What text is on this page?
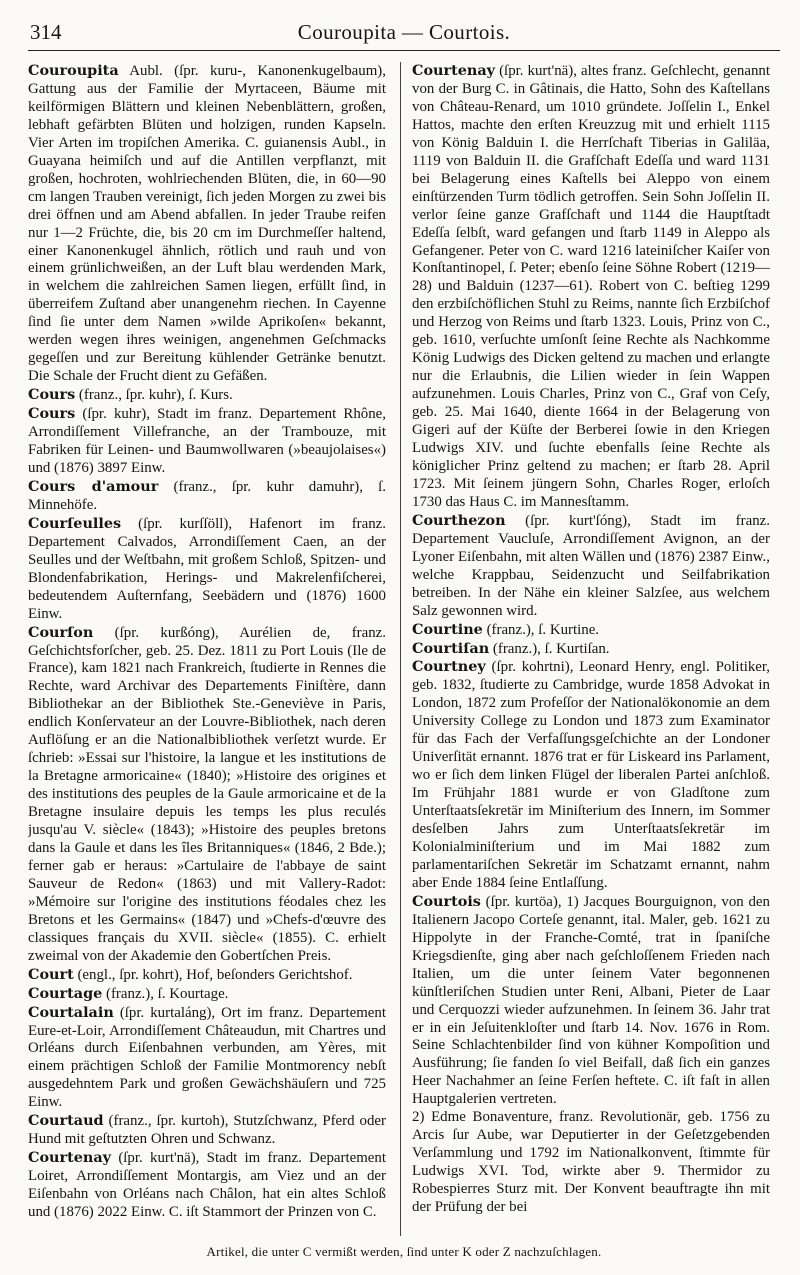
314	Couroupita — Courtois.

Couroupita Aubl. (ſpr. kuru-, Kanonenkugelbaum), Gattung aus der Familie der Myrtaceen, Bäume mit keilförmigen Blättern und kleinen Nebenblättern, großen, lebhaft gefärbten Blüten und holzigen, runden Kapseln. Vier Arten im tropiſchen Amerika. C. guianensis Aubl., in Guayana heimiſch und auf die Antillen verpflanzt, mit großen, hochroten, wohlriechenden Blüten, die, in 60—90 cm langen Trauben vereinigt, ſich jeden Morgen zu zwei bis drei öffnen und am Abend abfallen. In jeder Traube reifen nur 1—2 Früchte, die, bis 20 cm im Durchmeſſer haltend, einer Kanonenkugel ähnlich, rötlich und rauh und von einem grünlichweißen, an der Luft blau werdenden Mark, in welchem die zahlreichen Samen liegen, erfüllt ſind, in überreifem Zuſtand aber unangenehm riechen. In Cayenne ſind ſie unter dem Namen »wilde Aprikoſen« bekannt, werden wegen ihres weinigen, angenehmen Geſchmacks gegeſſen und zur Bereitung kühlender Getränke benutzt. Die Schale der Frucht dient zu Gefäßen.

Cours (franz., ſpr. kuhr), ſ. Kurs.

Cours (ſpr. kuhr), Stadt im franz. Departement Rhône, Arrondiſſement Villefranche, an der Trambouze, mit Fabriken für Leinen- und Baumwollwaren (»beaujolaises«) und (1876) 3897 Einw.

Cours d'amour (franz., ſpr. kuhr damuhr), ſ. Minnehöfe.

Courſeulles (ſpr. kurſſöll), Hafenort im franz. Departement Calvados, Arrondiſſement Caen, an der Seulles und der Weſtbahn, mit großem Schloß, Spitzen- und Blondenfabrikation, Herings- und Makrelenfiſcherei, bedeutendem Auſternfang, Seebädern und (1876) 1600 Einw.

Courſon (ſpr. kurßóng), Aurélien de, franz. Geſchichtsforſcher, geb. 25. Dez. 1811 zu Port Louis (Ile de France), kam 1821 nach Frankreich, ſtudierte in Rennes die Rechte, ward Archivar des Departements Finiſtère, dann Bibliothekar an der Bibliothek Ste.-Geneviève in Paris, endlich Konſervateur an der Louvre-Bibliothek, nach deren Auflöſung er an die Nationalbibliothek verſetzt wurde. Er ſchrieb: »Essai sur l'histoire, la langue et les institutions de la Bretagne armoricaine« (1840); »Histoire des origines et des institutions des peuples de la Gaule armoricaine et de la Bretagne insulaire depuis les temps les plus reculés jusqu'au V. siècle« (1843); »Histoire des peuples bretons dans la Gaule et dans les îles Britanniques« (1846, 2 Bde.); ferner gab er heraus: »Cartulaire de l'abbaye de saint Sauveur de Redon« (1863) und mit Vallery-Radot: »Mémoire sur l'origine des institutions féodales chez les Bretons et les Germains« (1847) und »Chefs-d'œuvre des classiques français du XVII. siècle« (1855). C. erhielt zweimal von der Akademie den Gobertſchen Preis.

Court (engl., ſpr. kohrt), Hof, beſonders Gerichtshof.

Courtage (franz.), ſ. Kourtage.

Courtalain (ſpr. kurtaláng), Ort im franz. Departement Eure-et-Loir, Arrondiſſement Châteaudun, mit Chartres und Orléans durch Eiſenbahnen verbunden, am Yères, mit einem prächtigen Schloß der Familie Montmorency nebſt ausgedehntem Park und großen Gewächshäuſern und 725 Einw.

Courtaud (franz., ſpr. kurtoh), Stutzſchwanz, Pferd oder Hund mit geſtutzten Ohren und Schwanz.

Courtenay (ſpr. kurt'nä), Stadt im franz. Departement Loiret, Arrondiſſement Montargis, am Viez und an der Eiſenbahn von Orléans nach Châlon, hat ein altes Schloß und (1876) 2022 Einw. C. iſt Stammort der Prinzen von C.

Courtenay (ſpr. kurt'nä), altes franz. Geſchlecht, genannt von der Burg C. in Gâtinais, die Hatto, Sohn des Kaſtellans von Château-Renard, um 1010 gründete. Joſſelin I., Enkel Hattos, machte den erſten Kreuzzug mit und erhielt 1115 von König Balduin I. die Herrſchaft Tiberias in Galiläa, 1119 von Balduin II. die Grafſchaft Edeſſa und ward 1131 bei Belagerung eines Kaſtells bei Aleppo von einem einſtürzenden Turm tödlich getroffen. Sein Sohn Joſſelin II. verlor ſeine ganze Grafſchaft und 1144 die Hauptſtadt Edeſſa ſelbſt, ward gefangen und ſtarb 1149 in Aleppo als Gefangener. Peter von C. ward 1216 lateiniſcher Kaiſer von Konſtantinopel, ſ. Peter; ebenſo ſeine Söhne Robert (1219—28) und Balduin (1237—61). Robert von C. beſtieg 1299 den erzbiſchöflichen Stuhl zu Reims, nannte ſich Erzbiſchof und Herzog von Reims und ſtarb 1323. Louis, Prinz von C., geb. 1610, verſuchte umſonſt ſeine Rechte als Nachkomme König Ludwigs des Dicken geltend zu machen und erlangte nur die Erlaubnis, die Lilien wieder in ſein Wappen aufzunehmen. Louis Charles, Prinz von C., Graf von Ceſy, geb. 25. Mai 1640, diente 1664 in der Belagerung von Gigeri auf der Küſte der Berberei ſowie in den Kriegen Ludwigs XIV. und ſuchte ebenfalls ſeine Rechte als königlicher Prinz geltend zu machen; er ſtarb 28. April 1723. Mit ſeinem jüngern Sohn, Charles Roger, erloſch 1730 das Haus C. im Mannesſtamm.

Courthezon (ſpr. kurt'ſóng), Stadt im franz. Departement Vaucluſe, Arrondiſſement Avignon, an der Lyoner Eiſenbahn, mit alten Wällen und (1876) 2387 Einw., welche Krappbau, Seidenzucht und Seilfabrikation betreiben. In der Nähe ein kleiner Salzſee, aus welchem Salz gewonnen wird.

Courtine (franz.), ſ. Kurtine.

Courtiſan (franz.), ſ. Kurtiſan.

Courtney (ſpr. kohrtni), Leonard Henry, engl. Politiker, geb. 1832, ſtudierte zu Cambridge, wurde 1858 Advokat in London, 1872 zum Profeſſor der Nationalökonomie an dem University College zu London und 1873 zum Examinator für das Fach der Verfaſſungsgeſchichte an der Londoner Univerſität ernannt. 1876 trat er für Liskeard ins Parlament, wo er ſich dem linken Flügel der liberalen Partei anſchloß. Im Frühjahr 1881 wurde er von Gladſtone zum Unterſtaatsſekretär im Miniſterium des Innern, im Sommer desſelben Jahrs zum Unterſtaatsſekretär im Kolonialminiſterium und im Mai 1882 zum parlamentariſchen Sekretär im Schatzamt ernannt, nahm aber Ende 1884 ſeine Entlaſſung.

Courtois (ſpr. kurtöa), 1) Jacques Bourguignon, von den Italienern Jacopo Corteſe genannt, ital. Maler, geb. 1621 zu Hippolyte in der Franche-Comté, trat in ſpaniſche Kriegsdienſte, ging aber nach geſchloſſenem Frieden nach Italien, um die unter ſeinem Vater begonnenen künſtleriſchen Studien unter Reni, Albani, Pieter de Laar und Cerquozzi wieder aufzunehmen. In ſeinem 36. Jahr trat er in ein Jeſuitenkloſter und ſtarb 14. Nov. 1676 in Rom. Seine Schlachtenbilder ſind von kühner Kompoſition und Ausführung; ſie fanden ſo viel Beifall, daß ſich ein ganzes Heer Nachahmer an ſeine Ferſen heftete. C. iſt faſt in allen Hauptgalerien vertreten.

2) Edme Bonaventure, franz. Revolutionär, geb. 1756 zu Arcis ſur Aube, war Deputierter in der Geſetzgebenden Verſammlung und 1792 im Nationalkonvent, ſtimmte für Ludwigs XVI. Tod, wirkte aber 9. Thermidor zu Robespierres Sturz mit. Der Konvent beauftragte ihn mit der Prüfung der bei

Artikel, die unter C vermißt werden, ſind unter K oder Z nachzuſchlagen.
